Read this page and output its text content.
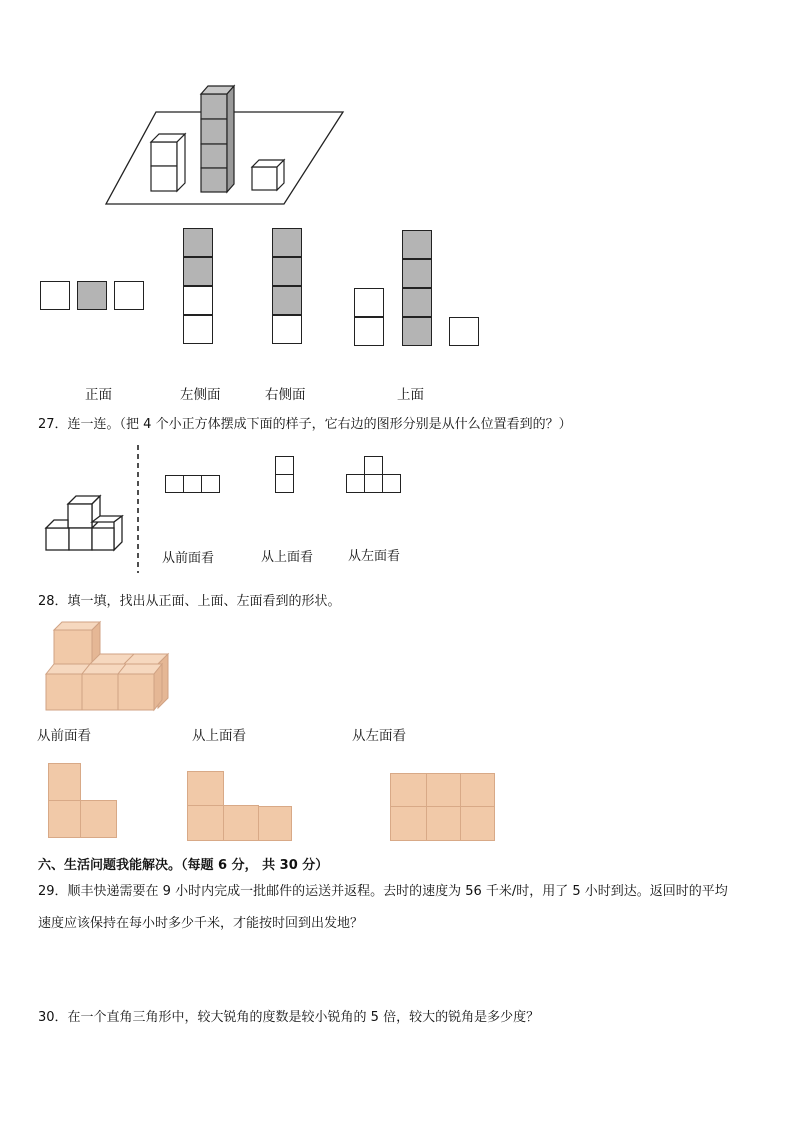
正面	左侧面	右侧面	上面
27．连一连。（把 4 个小正方体摆成下面的样子，它右边的图形分别是从什么位置看到的？）
从前面看	从上面看	从左面看
28．填一填，找出从正面、上面、左面看到的形状。
从前面看	从上面看	从左面看
六、生活问题我能解决。（每题 6 分， 共 30 分）
29．顺丰快递需要在 9 小时内完成一批邮件的运送并返程。去时的速度为 56 千米/时，用了 5 小时到达。返回时的平均
速度应该保持在每小时多少千米，才能按时回到出发地？
30．在一个直角三角形中，较大锐角的度数是较小锐角的 5 倍，较大的锐角是多少度？
